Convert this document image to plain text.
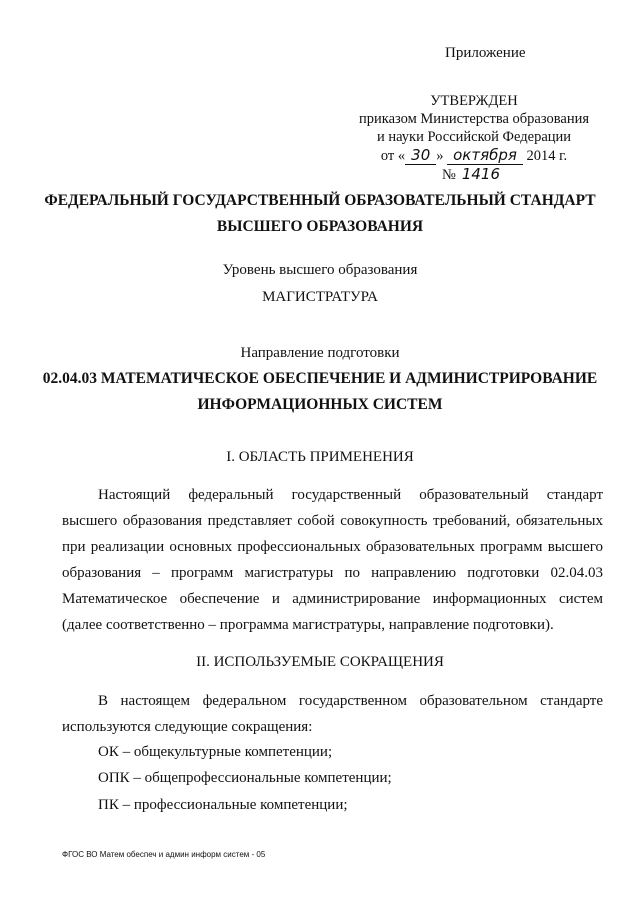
Приложение

УТВЕРЖДЕН
приказом Министерства образования
и науки Российской Федерации
от « 30 » октября 2014 г. № 1416
ФЕДЕРАЛЬНЫЙ ГОСУДАРСТВЕННЫЙ ОБРАЗОВАТЕЛЬНЫЙ СТАНДАРТ
ВЫСШЕГО ОБРАЗОВАНИЯ

Уровень высшего образования

МАГИСТРАТУРА

Направление подготовки

02.04.03 МАТЕМАТИЧЕСКОЕ ОБЕСПЕЧЕНИЕ И АДМИНИСТРИРОВАНИЕ

ИНФОРМАЦИОННЫХ СИСТЕМ

I. ОБЛАСТЬ ПРИМЕНЕНИЯ

Настоящий федеральный государственный образовательный стандарт высшего образования представляет собой совокупность требований, обязательных при реализации основных профессиональных образовательных программ высшего образования – программ магистратуры по направлению подготовки 02.04.03 Математическое обеспечение и администрирование информационных систем (далее соответственно – программа магистратуры, направление подготовки).

II. ИСПОЛЬЗУЕМЫЕ СОКРАЩЕНИЯ

В настоящем федеральном государственном образовательном стандарте используются следующие сокращения:

ОК – общекультурные компетенции;

ОПК – общепрофессиональные компетенции;

ПК – профессиональные компетенции;

ФГОС ВО Матем обеспеч и админ информ систем - 05
